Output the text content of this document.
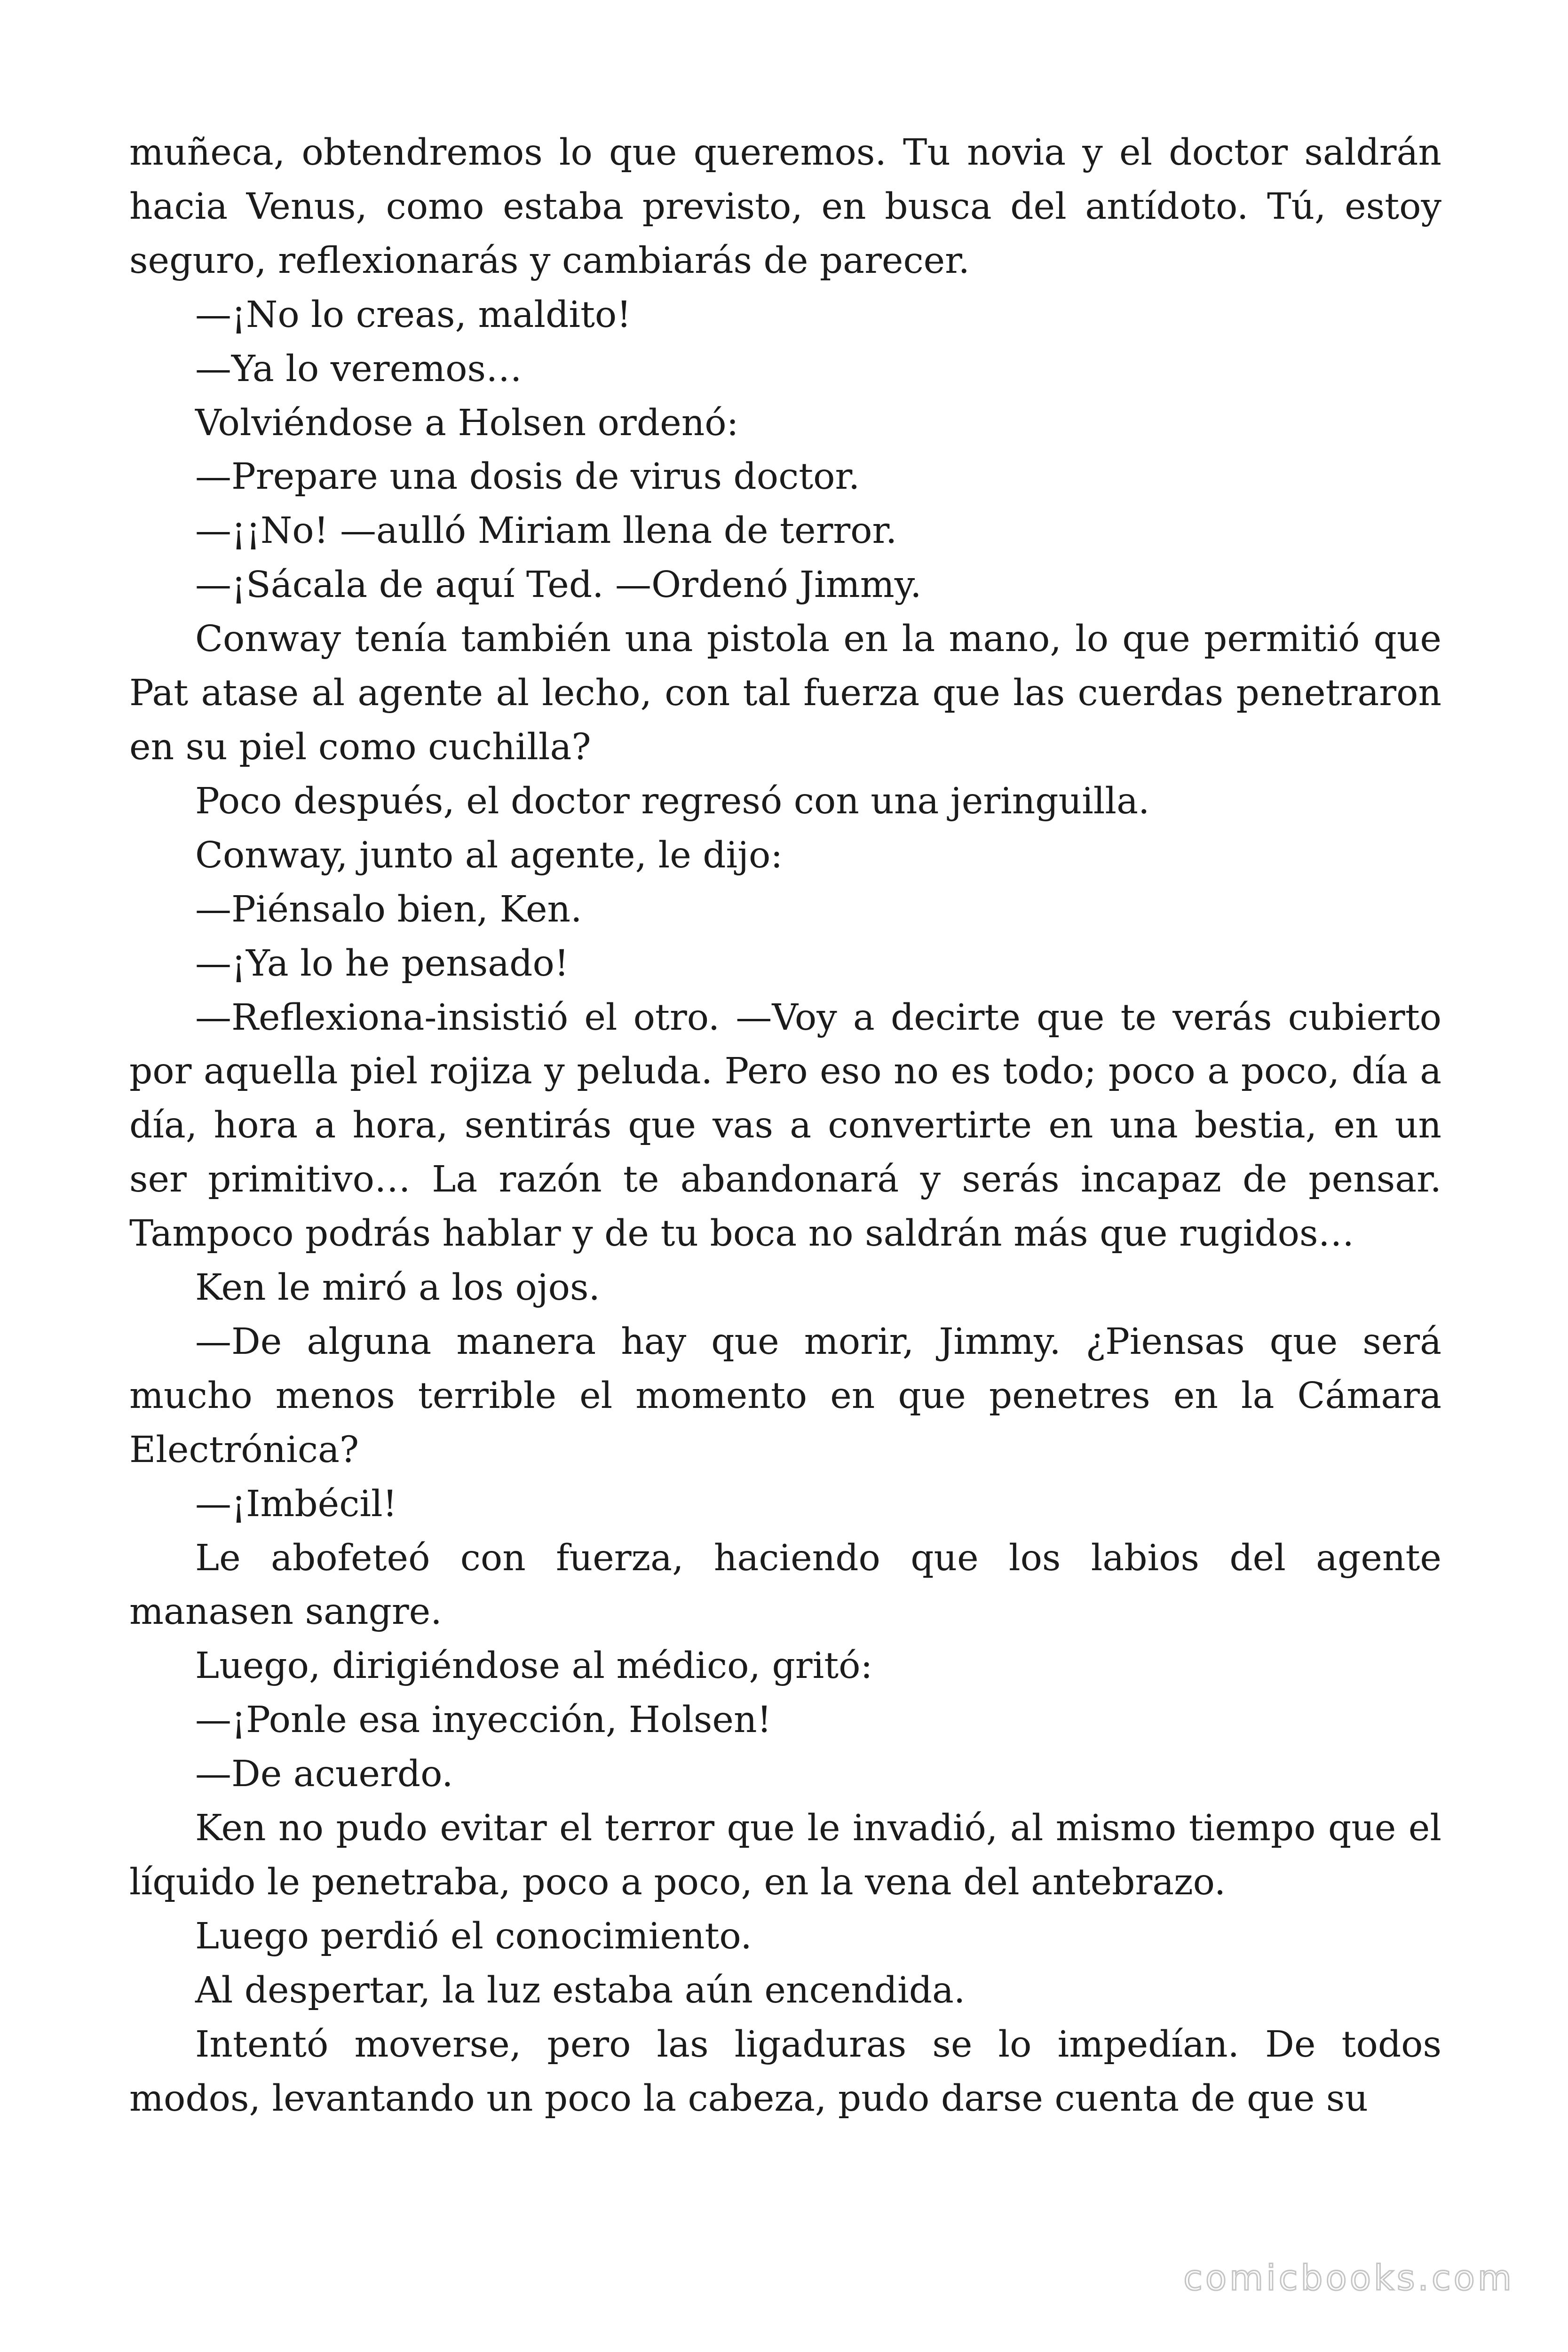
muñeca, obtendremos lo que queremos. Tu novia y el doctor saldrán hacia Venus, como estaba previsto, en busca del antídoto. Tú, estoy seguro, reflexionarás y cambiarás de parecer.

—¡No lo creas, maldito!

—Ya lo veremos…

Volviéndose a Holsen ordenó:

—Prepare una dosis de virus doctor.

—¡¡No! —aulló Miriam llena de terror.

—¡Sácala de aquí Ted. —Ordenó Jimmy.

Conway tenía también una pistola en la mano, lo que permitió que Pat atase al agente al lecho, con tal fuerza que las cuerdas penetraron en su piel como cuchilla?

Poco después, el doctor regresó con una jeringuilla.

Conway, junto al agente, le dijo:

—Piénsalo bien, Ken.

—¡Ya lo he pensado!

—Reflexiona-insistió el otro. —Voy a decirte que te verás cubierto por aquella piel rojiza y peluda. Pero eso no es todo; poco a poco, día a día, hora a hora, sentirás que vas a convertirte en una bestia, en un ser primitivo… La razón te abandonará y serás incapaz de pensar. Tampoco podrás hablar y de tu boca no saldrán más que rugidos…

Ken le miró a los ojos.

—De alguna manera hay que morir, Jimmy. ¿Piensas que será mucho menos terrible el momento en que penetres en la Cámara Electrónica?

—¡Imbécil!

Le abofeteó con fuerza, haciendo que los labios del agente manasen sangre.

Luego, dirigiéndose al médico, gritó:

—¡Ponle esa inyección, Holsen!

—De acuerdo.

Ken no pudo evitar el terror que le invadió, al mismo tiempo que el líquido le penetraba, poco a poco, en la vena del antebrazo.

Luego perdió el conocimiento.

Al despertar, la luz estaba aún encendida.

Intentó moverse, pero las ligaduras se lo impedían. De todos modos, levantando un poco la cabeza, pudo darse cuenta de que su

comicbooks.com
